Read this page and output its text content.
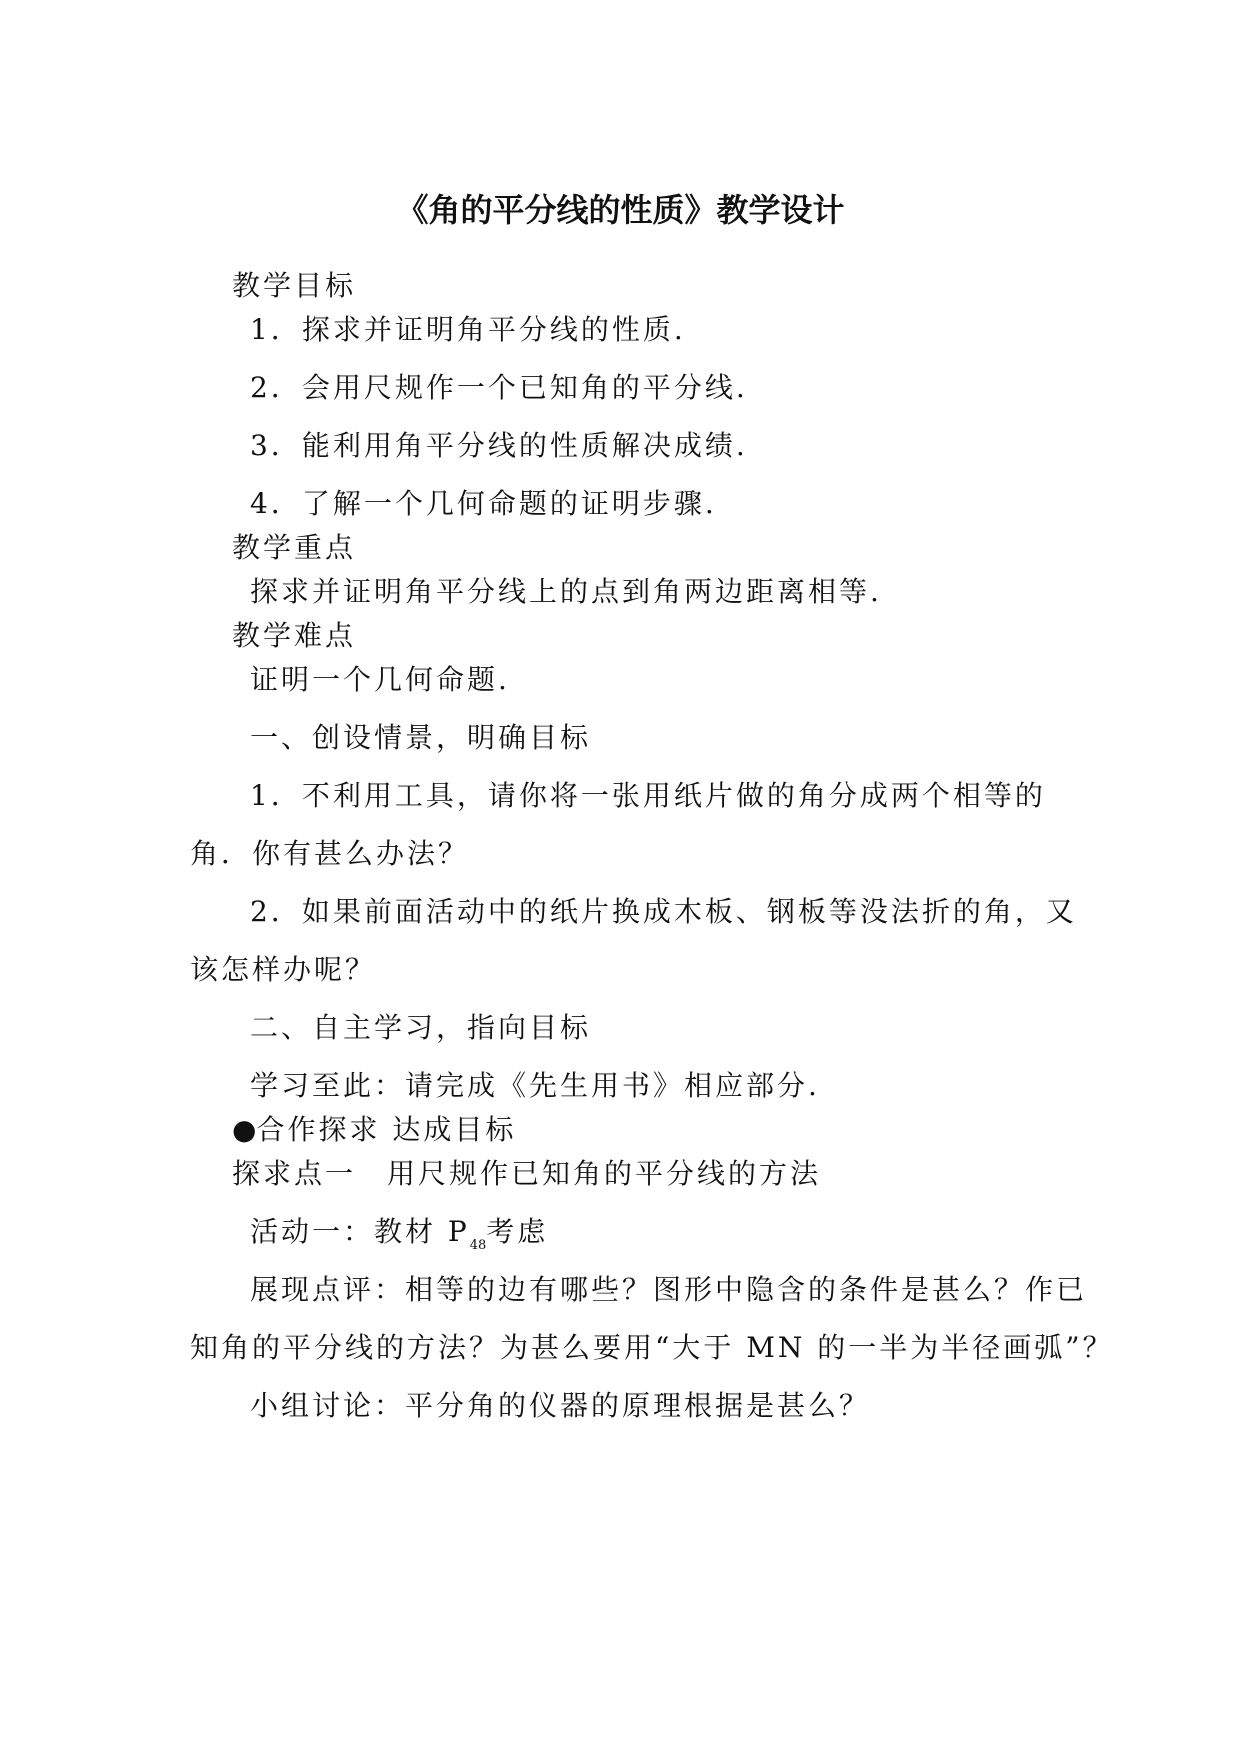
《角的平分线的性质》教学设计
教学目标
1．探求并证明角平分线的性质.
2．会用尺规作一个已知角的平分线.
3．能利用角平分线的性质解决成绩.
4．了解一个几何命题的证明步骤.
教学重点
探求并证明角平分线上的点到角两边距离相等.
教学难点
证明一个几何命题.
一、创设情景，明确目标
1．不利用工具，请你将一张用纸片做的角分成两个相等的
角．你有甚么办法？
2．如果前面活动中的纸片换成木板、钢板等没法折的角，又
该怎样办呢？
二、自主学习，指向目标
学习至此：请完成《先生用书》相应部分.
●合作探求 达成目标
探求点一　用尺规作已知角的平分线的方法
活动一：教材 $P_{48}$考虑
展现点评：相等的边有哪些？图形中隐含的条件是甚么？作已
知角的平分线的方法？为甚么要用“大于 MN 的一半为半径画弧”？
小组讨论：平分角的仪器的原理根据是甚么？
